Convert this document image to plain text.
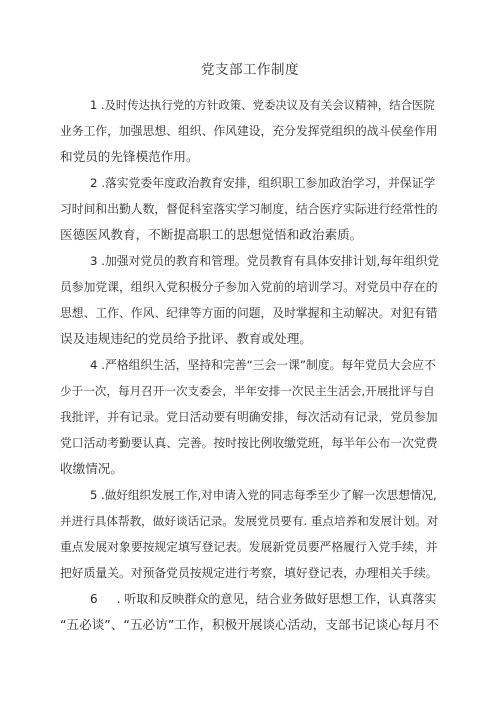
党支部工作制度
1 .及时传达执行党的方针政策、党委决议及有关会议精神，结合医院
业务工作，加强思想、组织、作风建设，充分发挥党组织的战斗侯垒作用
和党员的先锋模范作用。
2 .落实党委年度政治教育安排，组织职工参加政治学习，并保证学
习时间和出勤人数，督促科室落实学习制度，结合医疗实际进行经常性的
医德医风教育，不断提高职工的思想觉悟和政治素质。
3 .加强对党员的教育和管理。党员教育有具体安排计划,每年组织党
员参加党课，组织入党积极分子参加入党前的培训学习。对党员中存在的
思想、工作、作风、纪律等方面的问题，及时掌握和主动解决。对犯有错
误及违规违纪的党员给予批评、教育或处理。
4 .严格组织生活，坚持和完善“三会一课”制度。每年党员大会应不
少于一次，每月召开一次支委会，半年安排一次民主生活会,开展批评与自
我批评，并有记录。党日活动要有明确安排，每次活动有记录，党员参加
党口活动考勤要认真、完善。按时按比例收缴党班，每半年公布一次党费
收缴情况。
5 .做好组织发展工作,对申请入党的同志每季至少了解一次思想情况,
并进行具体帮教，做好谈话记录。发展党员要有. 重点培养和发展计划。对
重点发展对象要按规定填写登记表。发展新党员要严格履行入党手续，并
把好质量关。对预备党员按规定进行考察，填好登记表，办理相关手续。
6     . 听取和反映群众的意见，结合业务做好思想工作，认真落实
“五必谈”、“五必访”工作，积极开展谈心活动，支部书记谈心每月不
